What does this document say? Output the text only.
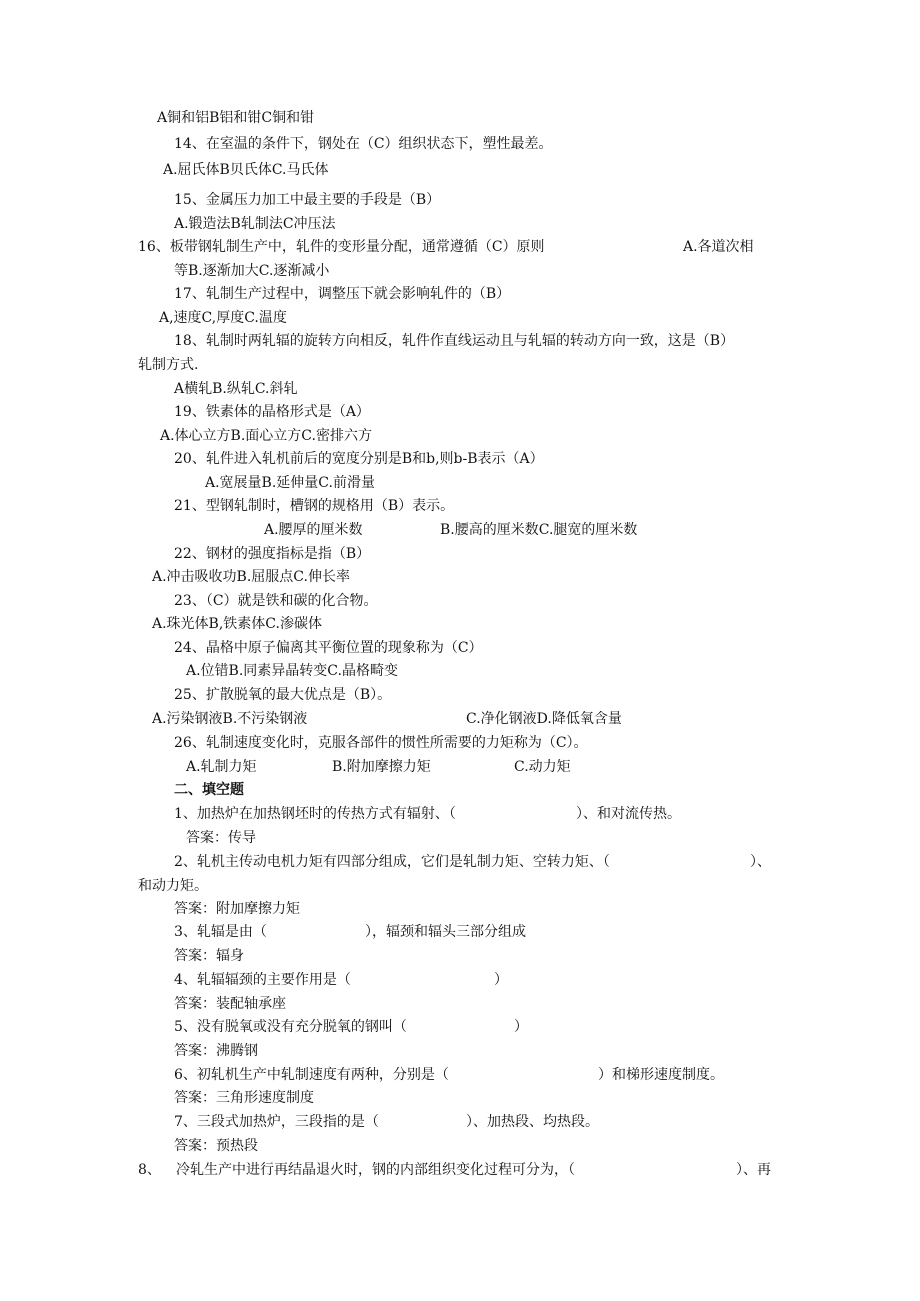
A铜和铝B铝和钳C铜和钳
14、在室温的条件下，钢处在（C）组织状态下，塑性最差。
A.屈氏体B贝氏体C.马氏体
15、金属压力加工中最主要的手段是（B）
A.锻造法B轧制法C冲压法
16、板带钢轧制生产中，轧件的变形量分配，通常遵循（C）原则	A.各道次相
等B.逐渐加大C.逐渐减小
17、轧制生产过程中，调整压下就会影响轧件的（B）
A,速度C,厚度C.温度
18、轧制时两轧辐的旋转方向相反，轧件作直线运动且与轧辐的转动方向一致，这是（B）
轧制方式.
A横轧B.纵轧C.斜轧
19、铁素体的晶格形式是（A）
A.体心立方B.面心立方C.密排六方
20、轧件进入轧机前后的宽度分别是B和b,则b-B表示（A）
A.宽展量B.延伸量C.前滑量
21、型钢轧制时，槽钢的规格用（B）表示。
A.腰厚的厘米数	B.腰高的厘米数C.腿宽的厘米数
22、钢材的强度指标是指（B）
A.冲击吸收功B.屈服点C.伸长率
23、（C）就是铁和碳的化合物。
A.珠光体B,铁素体C.渗碳体
24、晶格中原子偏离其平衡位置的现象称为（C）
A.位错B.同素异晶转变C.晶格畸变
25、扩散脱氧的最大优点是（B）。
A.污染钢液B.不污染钢液	C.净化钢液D.降低氧含量
26、轧制速度变化时，克服各部件的惯性所需要的力矩称为（C）。
A.轧制力矩	B.附加摩擦力矩	C.动力矩
二、填空题
1、加热炉在加热钢坯时的传热方式有辐射、（	）、和对流传热。
答案：传导
2、轧机主传动电机力矩有四部分组成，它们是轧制力矩、空转力矩、（	）、
和动力矩。
答案：附加摩擦力矩
3、轧辐是由（	），辐颈和辐头三部分组成
答案：辐身
4、轧辐辐颈的主要作用是（	）
答案：装配轴承座
5、没有脱氧或没有充分脱氧的钢叫（	）
答案：沸腾钢
6、初轧机生产中轧制速度有两种，分别是（	）和梯形速度制度。
答案：三角形速度制度
7、三段式加热炉，三段指的是（	）、加热段、均热段。
答案：预热段
8、 冷轧生产中进行再结晶退火时，钢的内部组织变化过程可分为，（	）、再
